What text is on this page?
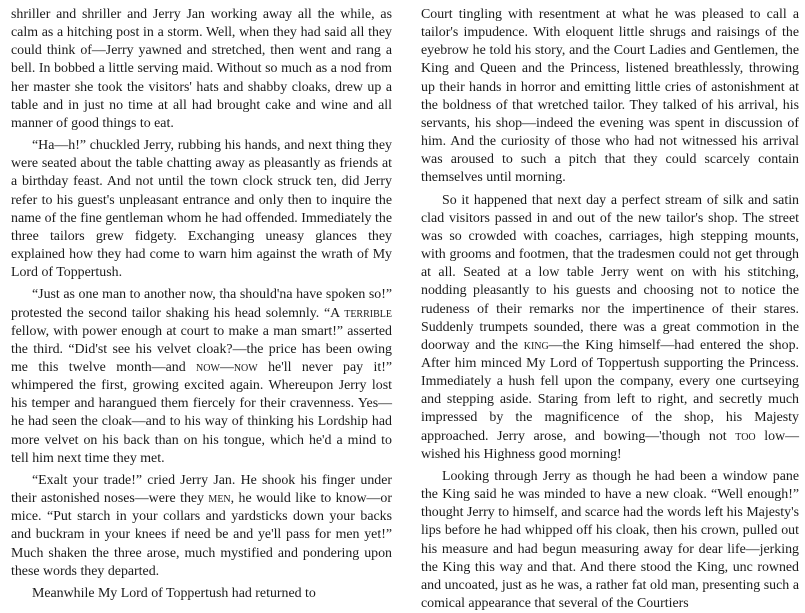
shriller and shriller and Jerry Jan working away all the while, as calm as a hitching post in a storm. Well, when they had said all they could think of—Jerry yawned and stretched, then went and rang a bell. In bobbed a little serving maid. Without so much as a nod from her master she took the visitors' hats and shabby cloaks, drew up a table and in just no time at all had brought cake and wine and all manner of good things to eat.

“Ha—h!” chuckled Jerry, rubbing his hands, and next thing they were seated about the table chatting away as pleasantly as friends at a birthday feast. And not until the town clock struck ten, did Jerry refer to his guest's unpleasant entrance and only then to inquire the name of the fine gentleman whom he had offended. Immediately the three tailors grew fidgety. Exchanging uneasy glances they explained how they had come to warn him against the wrath of My Lord of Toppertush.

“Just as one man to another now, tha should'na have spoken so!” protested the second tailor shaking his head solemnly. “A terrible fellow, with power enough at court to make a man smart!” asserted the third. “Did'st see his velvet cloak?—the price has been owing me this twelve month—and now—now he'll never pay it!” whimpered the first, growing excited again. Whereupon Jerry lost his temper and harangued them fiercely for their cravenness. Yes—he had seen the cloak—and to his way of thinking his Lordship had more velvet on his back than on his tongue, which he'd a mind to tell him next time they met.

“Exalt your trade!” cried Jerry Jan. He shook his finger under their astonished noses—were they men, he would like to know—or mice. “Put starch in your collars and yardsticks down your backs and buckram in your knees if need be and ye'll pass for men yet!” Much shaken the three arose, much mystified and pondering upon these words they departed.

Meanwhile My Lord of Toppertush had returned to

Court tingling with resentment at what he was pleased to call a tailor's impudence. With eloquent little shrugs and raisings of the eyebrow he told his story, and the Court Ladies and Gentlemen, the King and Queen and the Princess, listened breathlessly, throwing up their hands in horror and emitting little cries of astonishment at the boldness of that wretched tailor. They talked of his arrival, his servants, his shop—indeed the evening was spent in discussion of him. And the curiosity of those who had not witnessed his arrival was aroused to such a pitch that they could scarcely contain themselves until morning.

So it happened that next day a perfect stream of silk and satin clad visitors passed in and out of the new tailor's shop. The street was so crowded with coaches, carriages, high stepping mounts, with grooms and footmen, that the tradesmen could not get through at all. Seated at a low table Jerry went on with his stitching, nodding pleasantly to his guests and choosing not to notice the rudeness of their remarks nor the impertinence of their stares. Suddenly trumpets sounded, there was a great commotion in the doorway and the king—the King himself—had entered the shop. After him minced My Lord of Toppertush supporting the Princess. Immediately a hush fell upon the company, every one curtseying and stepping aside. Staring from left to right, and secretly much impressed by the magnificence of the shop, his Majesty approached. Jerry arose, and bowing—'though not too low—wished his Highness good morning!

Looking through Jerry as though he had been a window pane the King said he was minded to have a new cloak. “Well enough!” thought Jerry to himself, and scarce had the words left his Majesty's lips before he had whipped off his cloak, then his crown, pulled out his measure and had begun measuring away for dear life—jerking the King this way and that. And there stood the King, unc rowned and uncoated, just as he was, a rather fat old man, presenting such a comical appearance that several of the Courtiers
